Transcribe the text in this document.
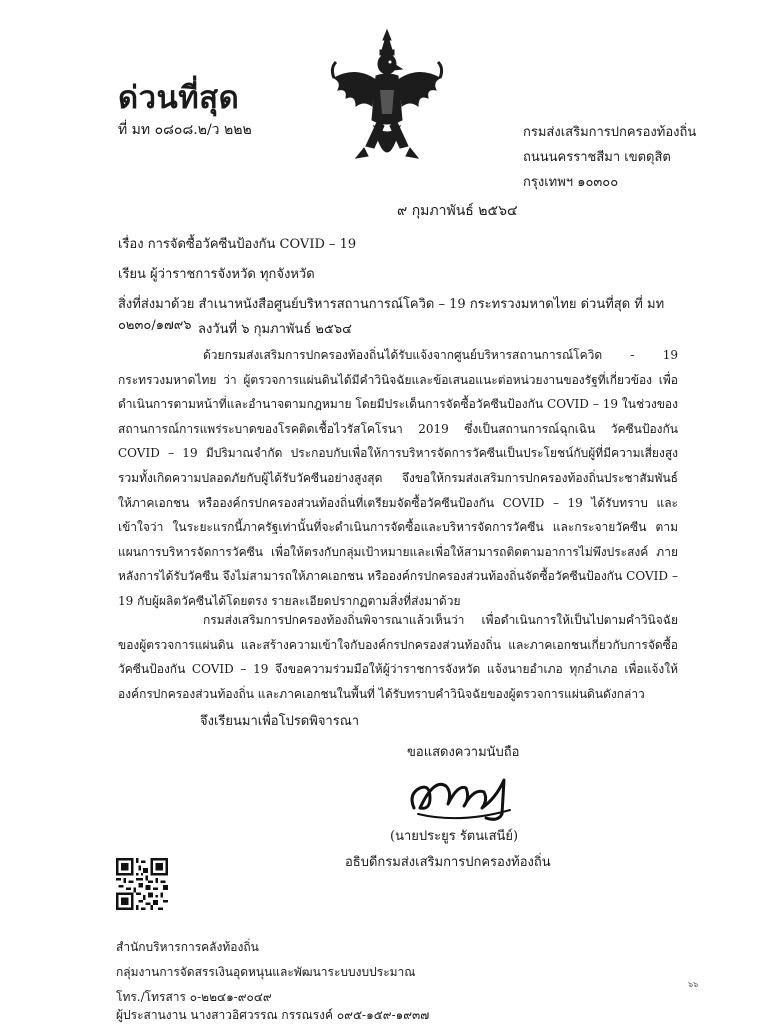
ด่วนที่สุด
ที่ มท ๐๘๐๘.๒/ว ๒๒๒	กรมส่งเสริมการปกครองท้องถิ่น
ถนนนครราชสีมา เขตดุสิต
กรุงเทพฯ ๑๐๓๐๐
๙ กุมภาพันธ์ ๒๕๖๔
เรื่อง การจัดซื้อวัคซีนป้องกัน COVID – 19
เรียน ผู้ว่าราชการจังหวัด ทุกจังหวัด
สิ่งที่ส่งมาด้วย สำเนาหนังสือศูนย์บริหารสถานการณ์โควิด – 19 กระทรวงมหาดไทย ด่วนที่สุด ที่ มท ๐๒๓๐/๑๗๙๖ ลงวันที่ ๖ กุมภาพันธ์ ๒๕๖๔
ด้วยกรมส่งเสริมการปกครองท้องถิ่นได้รับแจ้งจากศูนย์บริหารสถานการณ์โควิด - 19 กระทรวงมหาดไทย ว่า ผู้ตรวจการแผ่นดินได้มีคำวินิจฉัยและข้อเสนอแนะต่อหน่วยงานของรัฐที่เกี่ยวข้อง เพื่อดำเนินการตามหน้าที่และอำนาจตามกฎหมาย โดยมีประเด็นการจัดซื้อวัคซีนป้องกัน COVID – 19 ในช่วงของสถานการณ์การแพร่ระบาดของโรคติดเชื้อไวรัสโคโรนา 2019 ซึ่งเป็นสถานการณ์ฉุกเฉิน วัคซีนป้องกัน COVID – 19 มีปริมาณจำกัด ประกอบกับเพื่อให้การบริหารจัดการวัคซีนเป็นประโยชน์กับผู้ที่มีความเสี่ยงสูง รวมทั้งเกิดความปลอดภัยกับผู้ได้รับวัคซีนอย่างสูงสุด จึงขอให้กรมส่งเสริมการปกครองท้องถิ่นประชาสัมพันธ์ ให้ภาคเอกชน หรือองค์กรปกครองส่วนท้องถิ่นที่เตรียมจัดซื้อวัคซีนป้องกัน COVID – 19 ได้รับทราบ และเข้าใจว่า ในระยะแรกนี้ภาครัฐเท่านั้นที่จะดำเนินการจัดซื้อและบริหารจัดการวัคซีน และกระจายวัคซีน ตามแผนการบริหารจัดการวัคซีน เพื่อให้ตรงกับกลุ่มเป้าหมายและเพื่อให้สามารถติดตามอาการไม่พึงประสงค์ ภายหลังการได้รับวัคซีน จึงไม่สามารถให้ภาคเอกชน หรือองค์กรปกครองส่วนท้องถิ่นจัดซื้อวัคซีนป้องกัน COVID – 19 กับผู้ผลิตวัคซีนได้โดยตรง รายละเอียดปรากฏตามสิ่งที่ส่งมาด้วย
กรมส่งเสริมการปกครองท้องถิ่นพิจารณาแล้วเห็นว่า เพื่อดำเนินการให้เป็นไปตามคำวินิจฉัย ของผู้ตรวจการแผ่นดิน และสร้างความเข้าใจกับองค์กรปกครองส่วนท้องถิ่น และภาคเอกชนเกี่ยวกับการจัดซื้อ วัคซีนป้องกัน COVID – 19 จึงขอความร่วมมือให้ผู้ว่าราชการจังหวัด แจ้งนายอำเภอ ทุกอำเภอ เพื่อแจ้งให้ องค์กรปกครองส่วนท้องถิ่น และภาคเอกชนในพื้นที่ ได้รับทราบคำวินิจฉัยของผู้ตรวจการแผ่นดินดังกล่าว
จึงเรียนมาเพื่อโปรดพิจารณา
ขอแสดงความนับถือ
(นายประยูร รัตนเสนีย์)
อธิบดีกรมส่งเสริมการปกครองท้องถิ่น
สำนักบริหารการคลังท้องถิ่น
กลุ่มงานการจัดสรรเงินอุดหนุนและพัฒนาระบบงบประมาณ
โทร./โทรสาร ๐-๒๒๔๑-๙๐๔๙
ผู้ประสานงาน นางสาวอิศวรรณ กรรณรงค์ ๐๙๕-๑๕๙-๑๙๓๗
๖๖
